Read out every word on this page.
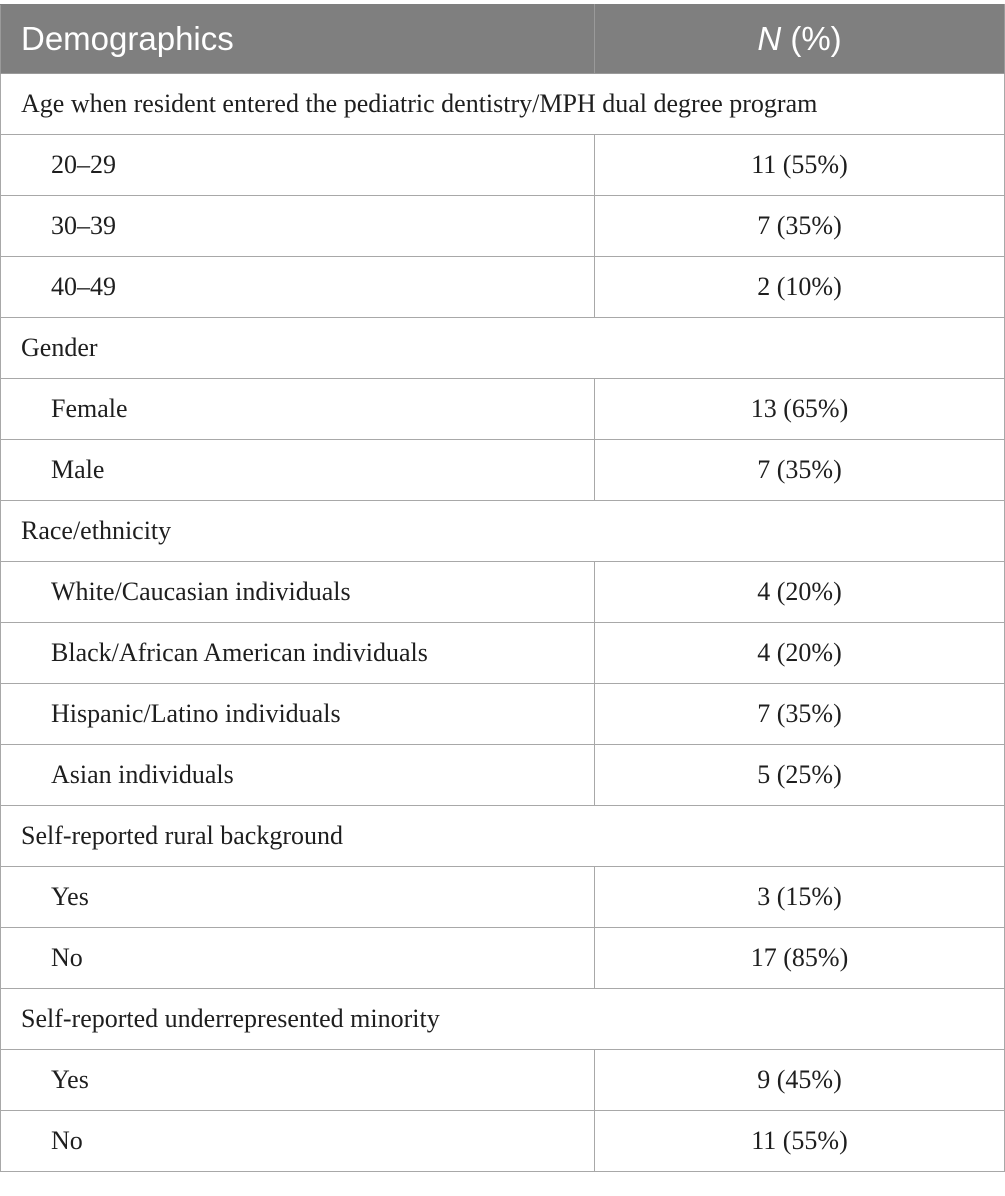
Demographics	N (%)
Age when resident entered the pediatric dentistry/MPH dual degree program	
20–29	11 (55%)
30–39	7 (35%)
40–49	2 (10%)
Gender	
Female	13 (65%)
Male	7 (35%)
Race/ethnicity	
White/Caucasian individuals	4 (20%)
Black/African American individuals	4 (20%)
Hispanic/Latino individuals	7 (35%)
Asian individuals	5 (25%)
Self-reported rural background	
Yes	3 (15%)
No	17 (85%)
Self-reported underrepresented minority	
Yes	9 (45%)
No	11 (55%)
